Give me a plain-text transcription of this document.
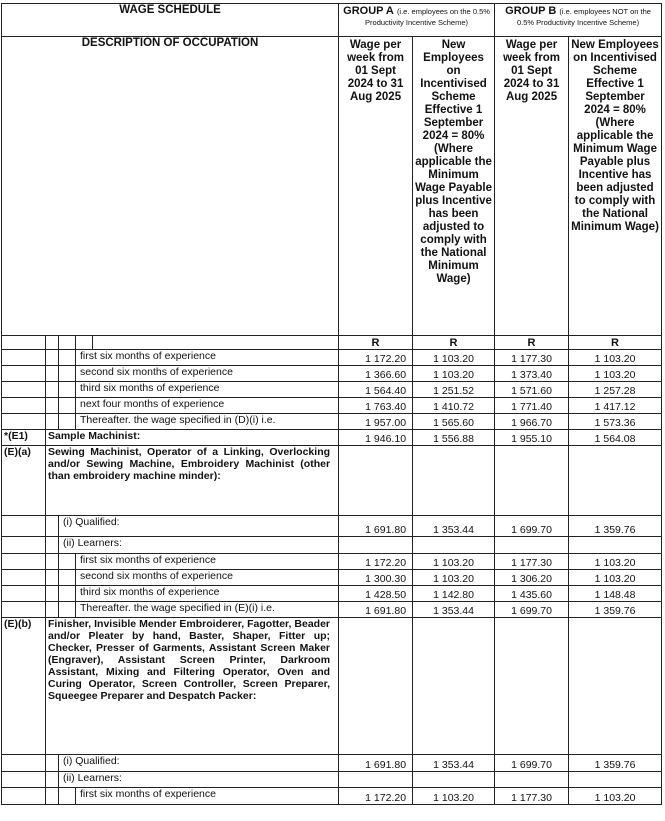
WAGE SCHEDULE					GROUP A (i.e. employees on the 0.5% Productivity Incentive Scheme)		GROUP B (i.e. employees NOT on the 0.5% Productivity Incentive Scheme)	
DESCRIPTION OF OCCUPATION					Wage per week from 01 Sept 2024 to 31 Aug 2025	New Employees on Incentivised Scheme Effective 1 September 2024 = 80% (Where applicable the Minimum Wage Payable plus Incentive has been adjusted to comply with the National Minimum Wage)	Wage per week from 01 Sept 2024 to 31 Aug 2025	New Employees on Incentivised Scheme Effective 1 September 2024 = 80% (Where applicable the Minimum Wage Payable plus Incentive has been adjusted to comply with the National Minimum Wage)
					R	R	R	R
			first six months of experience		1 172.20	1 103.20	1 177.30	1 103.20
			second six months of experience		1 366.60	1 103.20	1 373.40	1 103.20
			third six months of experience		1 564.40	1 251.52	1 571.60	1 257.28
			next four months of experience		1 763.40	1 410.72	1 771.40	1 417.12
			Thereafter. the wage specified in (D)(i) i.e.		1 957.00	1 565.60	1 966.70	1 573.36
*(E1)	Sample Machinist:				1 946.10	1 556.88	1 955.10	1 564.08
(E)(a)	Sewing Machinist, Operator of a Linking, Overlocking and/or Sewing Machine, Embroidery Machinist (other than embroidery machine minder):							
		(i) Qualified:			1 691.80	1 353.44	1 699.70	1 359.76
		(ii) Learners:						
			first six months of experience		1 172.20	1 103.20	1 177.30	1 103.20
			second six months of experience		1 300.30	1 103.20	1 306.20	1 103.20
			third six months of experience		1 428.50	1 142.80	1 435.60	1 148.48
			Thereafter. the wage specified in (E)(i) i.e.		1 691.80	1 353.44	1 699.70	1 359.76
(E)(b)	Finisher, Invisible Mender Embroiderer, Fagotter, Beader and/or Pleater by hand, Baster, Shaper, Fitter up; Checker, Presser of Garments, Assistant Screen Maker (Engraver), Assistant Screen Printer, Darkroom Assistant, Mixing and Filtering Operator, Oven and Curing Operator, Screen Controller, Screen Preparer, Squeegee Preparer and Despatch Packer:							
		(i) Qualified:			1 691.80	1 353.44	1 699.70	1 359.76
		(ii) Learners:						
			first six months of experience		1 172.20	1 103.20	1 177.30	1 103.20
